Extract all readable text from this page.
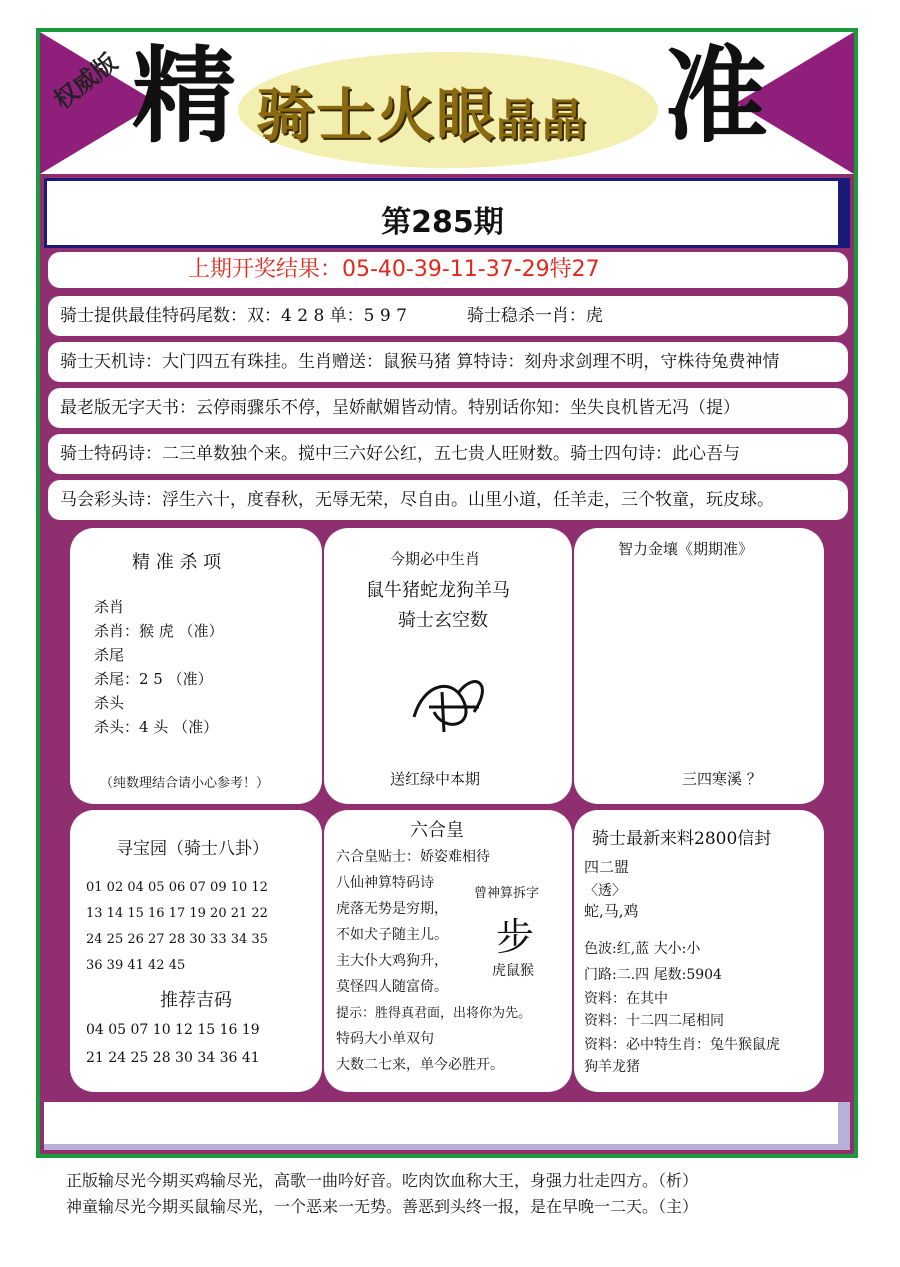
权威版 精 骑士火眼晶晶 准
第285期
上期开奖结果：05-40-39-11-37-29特27
骑士提供最佳特码尾数：双：4 2 8 单：5 9 7	骑士稳杀一肖：虎
骑士天机诗：大门四五有珠挂。生肖赠送：鼠猴马猪 算特诗：刻舟求剑理不明，守株待兔费神情
最老版无字天书：云停雨骤乐不停，呈娇献媚皆动情。特别话你知：坐失良机皆无冯（提）
骑士特码诗：二三单数独个来。搅中三六好公红，五七贵人旺财数。骑士四句诗：此心吾与
马会彩头诗：浮生六十，度春秋，无辱无荣，尽自由。山里小道，任羊走，三个牧童，玩皮球。
精 准 杀 项
杀肖
杀肖：猴 虎 （准）
杀尾
杀尾：2 5 （准）
杀头
杀头：4 头 （准）
（纯数理结合请小心参考！）
今期必中生肖
鼠牛猪蛇龙狗羊马
骑士玄空数
送红绿中本期
智力金壤《期期准》
三四寒溪 ？
寻宝园（骑士八卦）
01 02 04 05 06 07 09 10 12
13 14 15 16 17 19 20 21 22
24 25 26 27 28 30 33 34 35
36 39 41 42 45
推荐吉码
04 05 07 10 12 15 16 19
21 24 25 28 30 34 36 41
六合皇
六合皇贴士：娇姿难相待
八仙神算特码诗
虎落无势是穷期，
不如犬子随主儿。
主大仆大鸡狗升，
莫怪四人随富倚。
提示：胜得真君面，出将你为先。
特码大小单双句
大数二七来，单今必胜开。
曾神算拆字
步
虎鼠猴
骑士最新来料2800信封
四二盟
〈透〉
蛇,马,鸡
色波:红,蓝 大小:小
门路:二.四 尾数:5904
资料：在其中
资料：十二四二尾相同
资料：必中特生肖：兔牛猴鼠虎
狗羊龙猪
正版输尽光今期买鸡输尽光，高歌一曲吟好音。吃肉饮血称大王，身强力壮走四方。（析）
神童输尽光今期买鼠输尽光，一个恶来一无势。善恶到头终一报，是在早晚一二天。（主）
